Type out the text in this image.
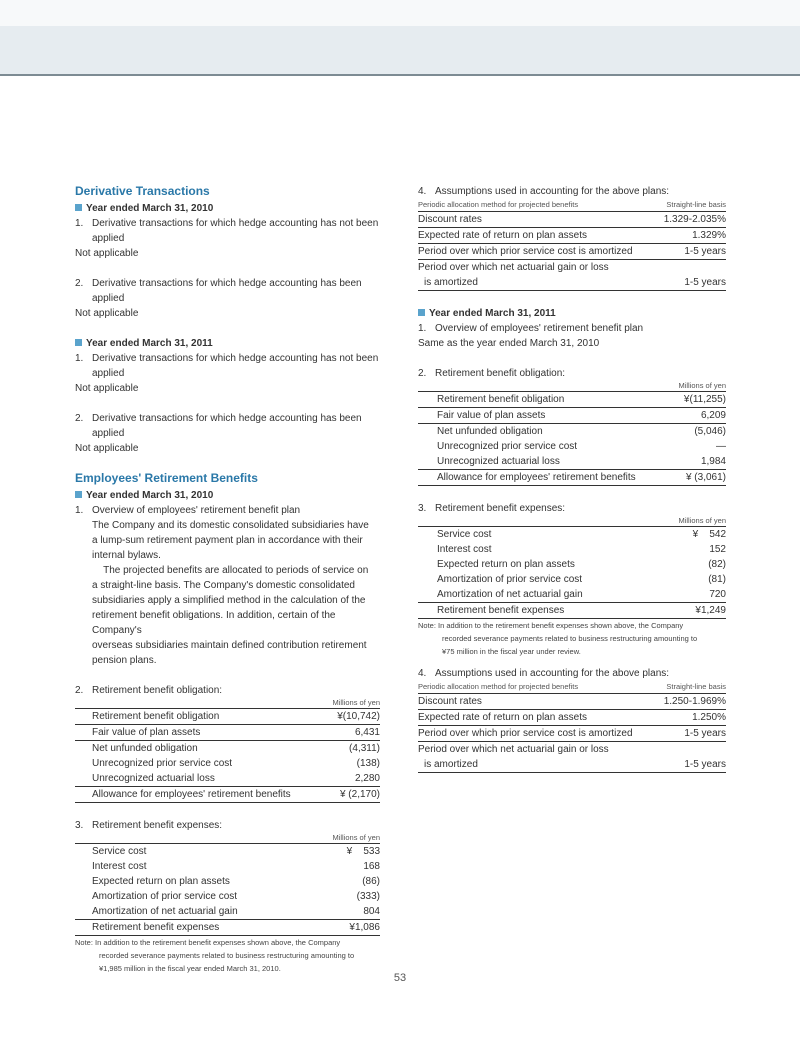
Derivative Transactions
Year ended March 31, 2010
1. Derivative transactions for which hedge accounting has not been
applied
Not applicable
2. Derivative transactions for which hedge accounting has been
applied
Not applicable
Year ended March 31, 2011
1. Derivative transactions for which hedge accounting has not been
applied
Not applicable
2. Derivative transactions for which hedge accounting has been
applied
Not applicable
Employees' Retirement Benefits
Year ended March 31, 2010
1. Overview of employees' retirement benefit plan
The Company and its domestic consolidated subsidiaries have
a lump-sum retirement payment plan in accordance with their
internal bylaws.
The projected benefits are allocated to periods of service on
a straight-line basis. The Company's domestic consolidated
subsidiaries apply a simplified method in the calculation of the
retirement benefit obligations. In addition, certain of the Company's
overseas subsidiaries maintain defined contribution retirement
pension plans.
2. Retirement benefit obligation:
Millions of yen
Retirement benefit obligation	¥(10,742)
Fair value of plan assets	6,431
Net unfunded obligation	(4,311)
Unrecognized prior service cost	(138)
Unrecognized actuarial loss	2,280
Allowance for employees' retirement benefits	¥ (2,170)
3. Retirement benefit expenses:
Millions of yen
Service cost	¥    533
Interest cost	168
Expected return on plan assets	(86)
Amortization of prior service cost	(333)
Amortization of net actuarial gain	804
Retirement benefit expenses	¥1,086
Note: In addition to the retirement benefit expenses shown above, the Company
recorded severance payments related to business restructuring amounting to
¥1,985 million in the fiscal year ended March 31, 2010.
4. Assumptions used in accounting for the above plans:
Periodic allocation method for projected benefits	Straight-line basis
Discount rates	1.329-2.035%
Expected rate of return on plan assets	1.329%
Period over which prior service cost is amortized	1-5 years
Period over which net actuarial gain or loss
is amortized	1-5 years
Year ended March 31, 2011
1. Overview of employees' retirement benefit plan
Same as the year ended March 31, 2010
2. Retirement benefit obligation:
Millions of yen
Retirement benefit obligation	¥(11,255)
Fair value of plan assets	6,209
Net unfunded obligation	(5,046)
Unrecognized prior service cost	—
Unrecognized actuarial loss	1,984
Allowance for employees' retirement benefits	¥ (3,061)
3. Retirement benefit expenses:
Millions of yen
Service cost	¥    542
Interest cost	152
Expected return on plan assets	(82)
Amortization of prior service cost	(81)
Amortization of net actuarial gain	720
Retirement benefit expenses	¥1,249
Note: In addition to the retirement benefit expenses shown above, the Company
recorded severance payments related to business restructuring amounting to
¥75 million in the fiscal year under review.
4. Assumptions used in accounting for the above plans:
Periodic allocation method for projected benefits	Straight-line basis
Discount rates	1.250-1.969%
Expected rate of return on plan assets	1.250%
Period over which prior service cost is amortized	1-5 years
Period over which net actuarial gain or loss
is amortized	1-5 years
53
